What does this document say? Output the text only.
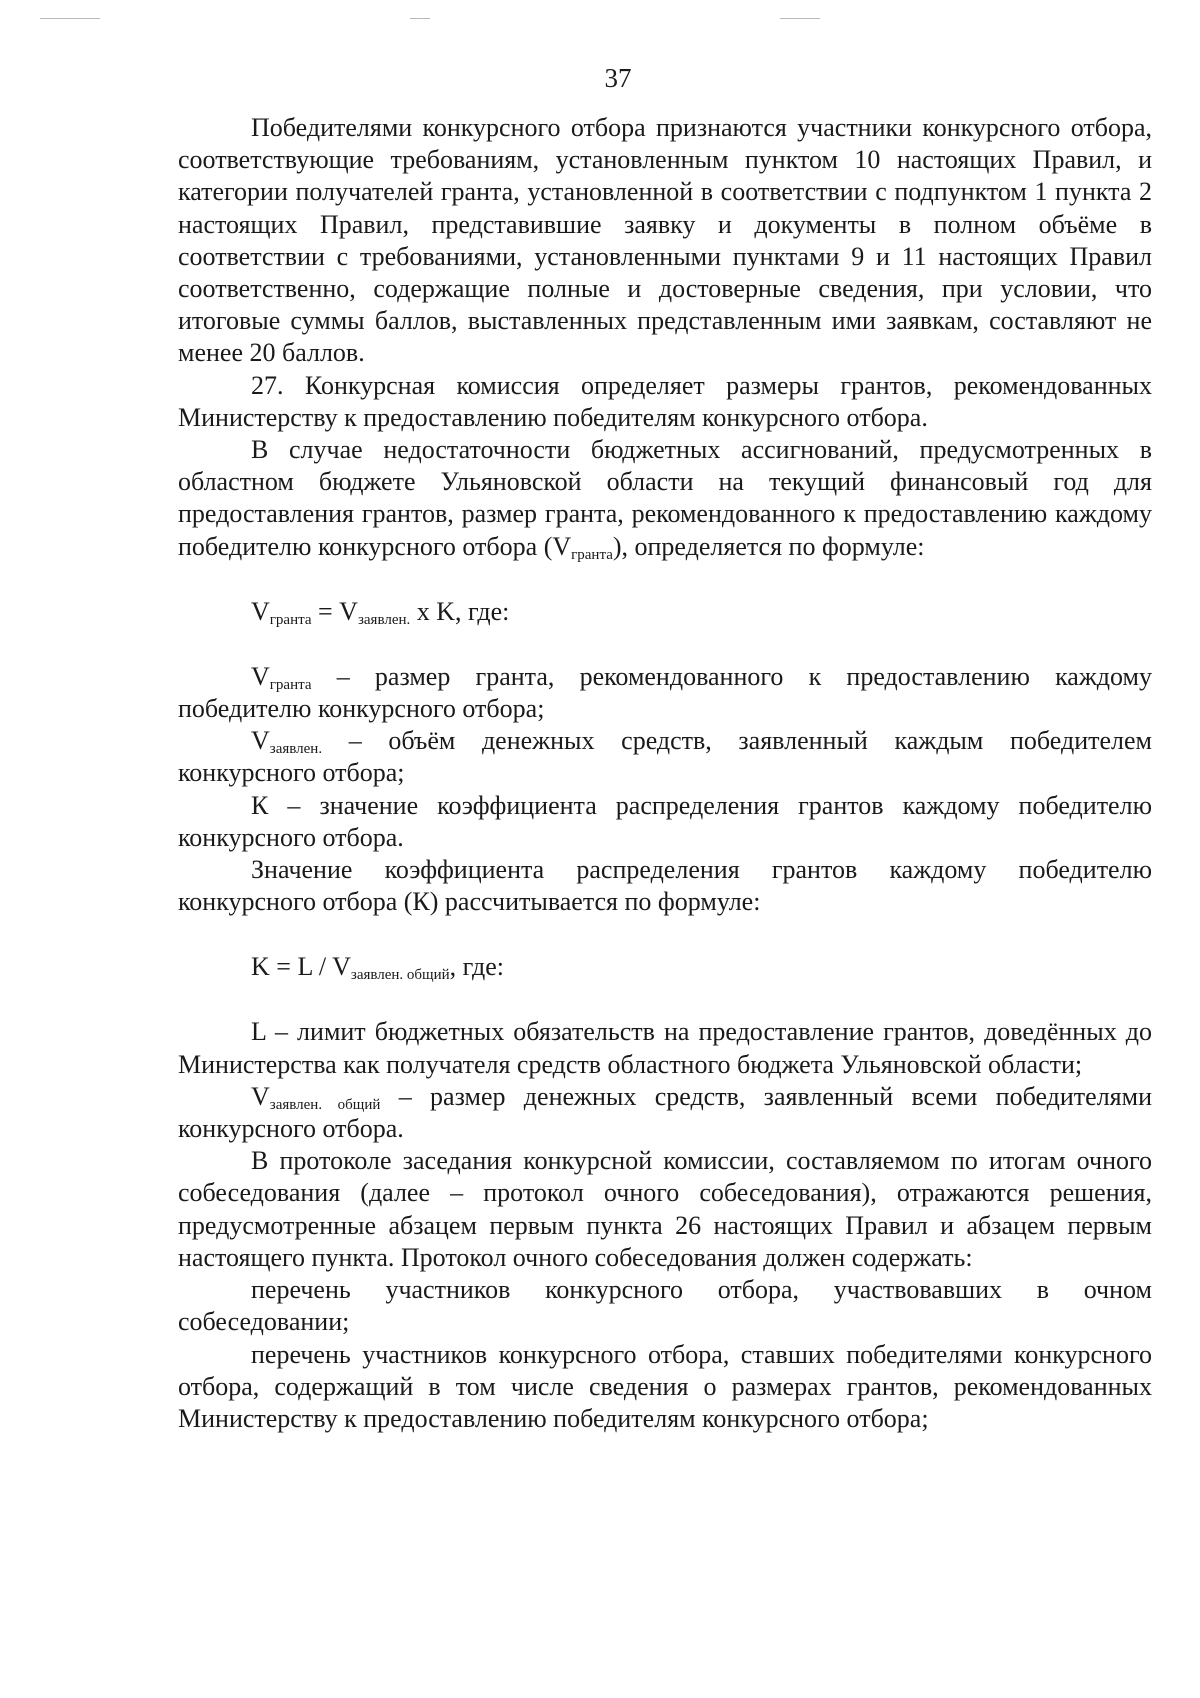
37

Победителями конкурсного отбора признаются участники конкурсного отбора, соответствующие требованиям, установленным пунктом 10 настоящих Правил, и категории получателей гранта, установленной в соответствии с подпунктом 1 пункта 2 настоящих Правил, представившие заявку и документы в полном объёме в соответствии с требованиями, установленными пунктами 9 и 11 настоящих Правил соответственно, содержащие полные и достоверные сведения, при условии, что итоговые суммы баллов, выставленных представленным ими заявкам, составляют не менее 20 баллов.

27. Конкурсная комиссия определяет размеры грантов, рекомендованных Министерству к предоставлению победителям конкурсного отбора.

В случае недостаточности бюджетных ассигнований, предусмотренных в областном бюджете Ульяновской области на текущий финансовый год для предоставления грантов, размер гранта, рекомендованного к предоставлению каждому победителю конкурсного отбора $(V_{гранта})$, определяется по формуле:

$V_{гранта} = V_{заявлен.}$ х K, где:

$V_{гранта}$ – размер гранта, рекомендованного к предоставлению каждому победителю конкурсного отбора;

$V_{заявлен.}$ – объём денежных средств, заявленный каждым победителем конкурсного отбора;

К – значение коэффициента распределения грантов каждому победителю конкурсного отбора.

Значение коэффициента распределения грантов каждому победителю конкурсного отбора (К) рассчитывается по формуле:

$K = L / V_{заявлен. общий}$, где:

L – лимит бюджетных обязательств на предоставление грантов, доведённых до Министерства как получателя средств областного бюджета Ульяновской области;

$V_{заявлен. общий}$ – размер денежных средств, заявленный всеми победителями конкурсного отбора.

В протоколе заседания конкурсной комиссии, составляемом по итогам очного собеседования (далее – протокол очного собеседования), отражаются решения, предусмотренные абзацем первым пункта 26 настоящих Правил и абзацем первым настоящего пункта. Протокол очного собеседования должен содержать:

перечень участников конкурсного отбора, участвовавших в очном собеседовании;

перечень участников конкурсного отбора, ставших победителями конкурсного отбора, содержащий в том числе сведения о размерах грантов, рекомендованных Министерству к предоставлению победителям конкурсного отбора;
